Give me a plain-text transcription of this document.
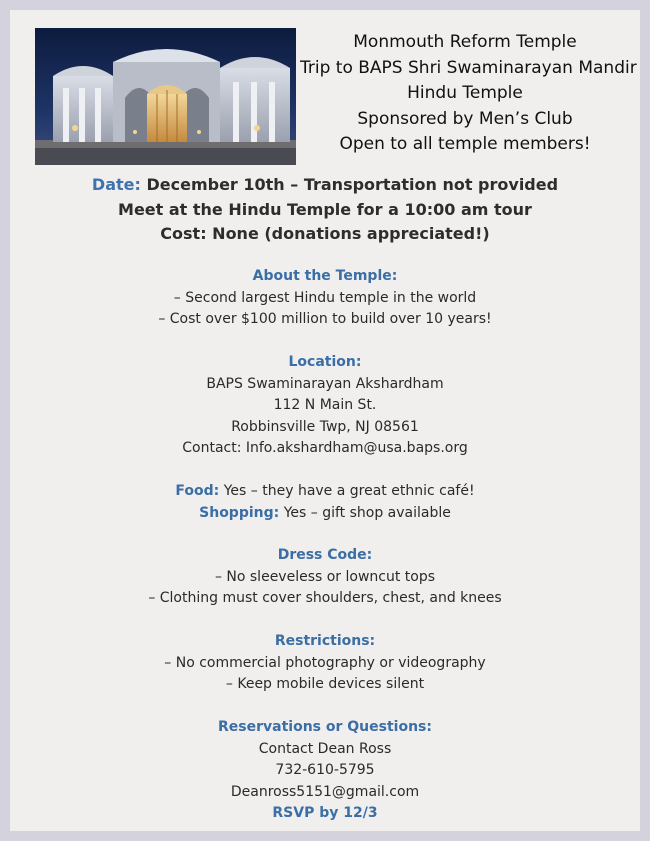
Monmouth Reform Temple
Trip to BAPS Shri Swaminarayan Mandir
Hindu Temple
Sponsored by Men’s Club
Open to all temple members!
Date: December 10th – Transportation not provided
Meet at the Hindu Temple for a 10:00 am tour
Cost: None (donations appreciated!)
About the Temple:
– Second largest Hindu temple in the world
– Cost over $100 million to build over 10 years!
Location:
BAPS Swaminarayan Akshardham
112 N Main St.
Robbinsville Twp, NJ 08561
Contact: Info.akshardham@usa.baps.org
Food: Yes – they have a great ethnic café!
Shopping: Yes – gift shop available
Dress Code:
– No sleeveless or lowncut tops
– Clothing must cover shoulders, chest, and knees
Restrictions:
– No commercial photography or videography
– Keep mobile devices silent
Reservations or Questions:
Contact Dean Ross
732-610-5795
Deanross5151@gmail.com
RSVP by 12/3
